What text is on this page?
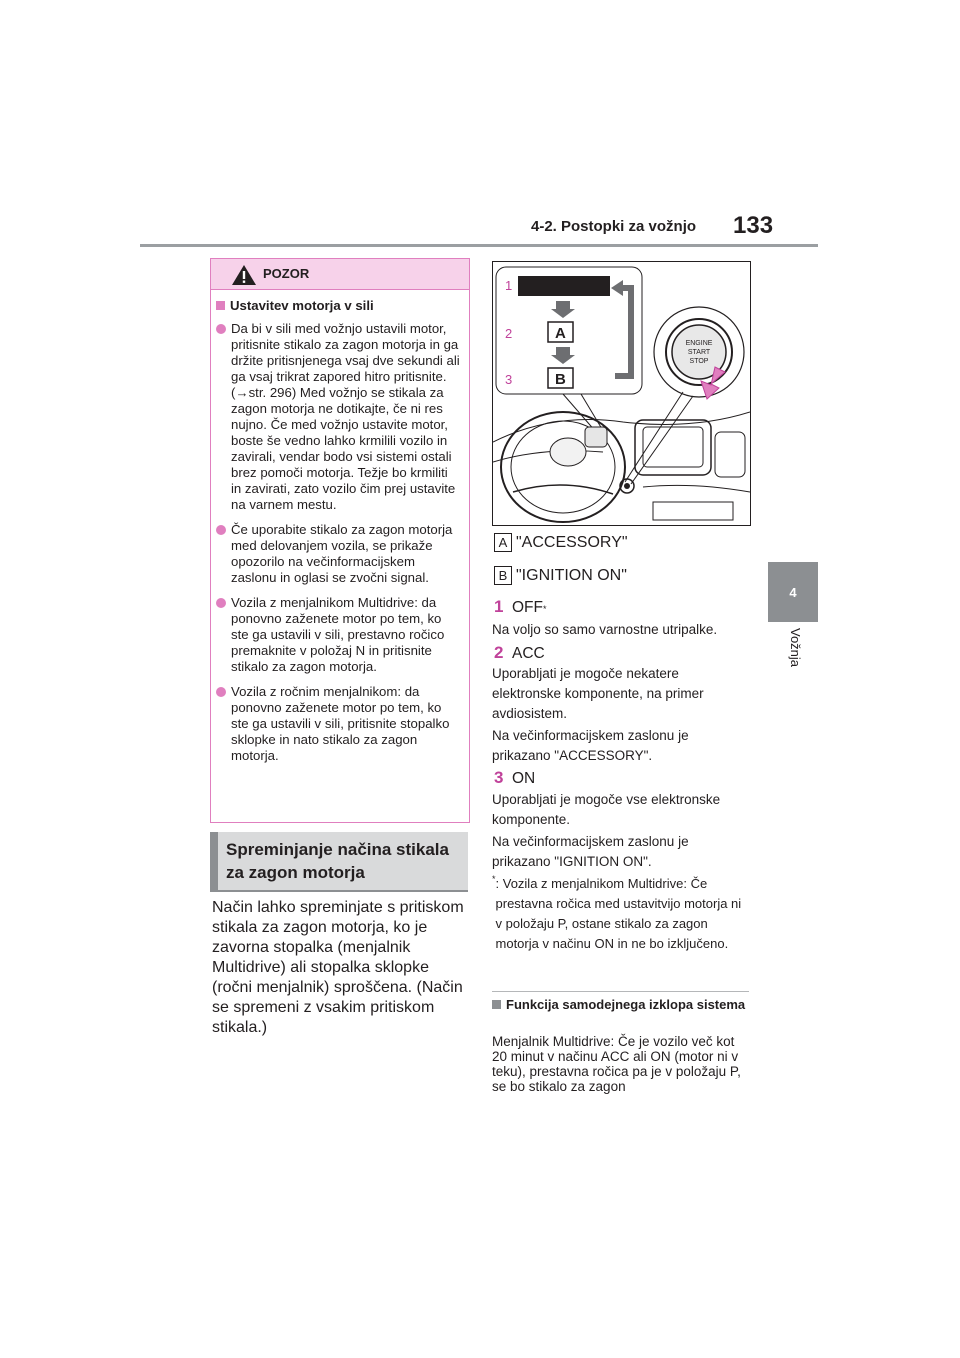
4-2. Postopki za vožnjo 133
4
Vožnja
POZOR
Ustavitev motorja v sili

Da bi v sili med vožnjo ustavili motor, pritisnite stikalo za zagon motorja in ga držite pritisnjenega vsaj dve sekundi ali ga vsaj trikrat zapored hitro pritisnite. (→str. 296) Med vožnjo se stikala za zagon motorja ne dotikajte, če ni res nujno. Če med vožnjo ustavite motor, boste še vedno lahko krmilili vozilo in zavirali, vendar bodo vsi sistemi ostali brez pomoči motorja. Težje bo krmiliti in zavirati, zato vozilo čim prej ustavite na varnem mestu.

Če uporabite stikalo za zagon motorja med delovanjem vozila, se prikaže opozorilo na večinformacijskem zaslonu in oglasi se zvočni signal.

Vozila z menjalnikom Multidrive: da ponovno zaženete motor po tem, ko ste ga ustavili v sili, prestavno ročico premaknite v položaj N in pritisnite stikalo za zagon motorja.

Vozila z ročnim menjalnikom: da ponovno zaženete motor po tem, ko ste ga ustavili v sili, pritisnite stopalko sklopke in nato stikalo za zagon motorja.

Spreminjanje načina stikala za zagon motorja
Način lahko spreminjate s pritiskom stikala za zagon motorja, ko je zavorna stopalka (menjalnik Multidrive) ali stopalka sklopke (ročni menjalnik) sproščena. (Način se spremeni z vsakim pritiskom stikala.)
1
A
2
B
3
ENGINE
START
STOP
A "ACCESSORY"
B "IGNITION ON"
1 OFF *
Na voljo so samo varnostne utripalke.
2 ACC
Uporabljati je mogoče nekatere elektronske komponente, na primer avdiosistem.
Na večinformacijskem zaslonu je prikazano "ACCESSORY".
3 ON
Uporabljati je mogoče vse elektronske komponente.
Na večinformacijskem zaslonu je prikazano "IGNITION ON".
* : Vozila z menjalnikom Multidrive: Če prestavna ročica med ustavitvijo motorja ni v položaju P, ostane stikalo za zagon motorja v načinu ON in ne bo izključeno.
Funkcija samodejnega izklopa sistema
Menjalnik Multidrive: Če je vozilo več kot 20 minut v načinu ACC ali ON (motor ni v teku), prestavna ročica pa je v položaju P, se bo stikalo za zagon
